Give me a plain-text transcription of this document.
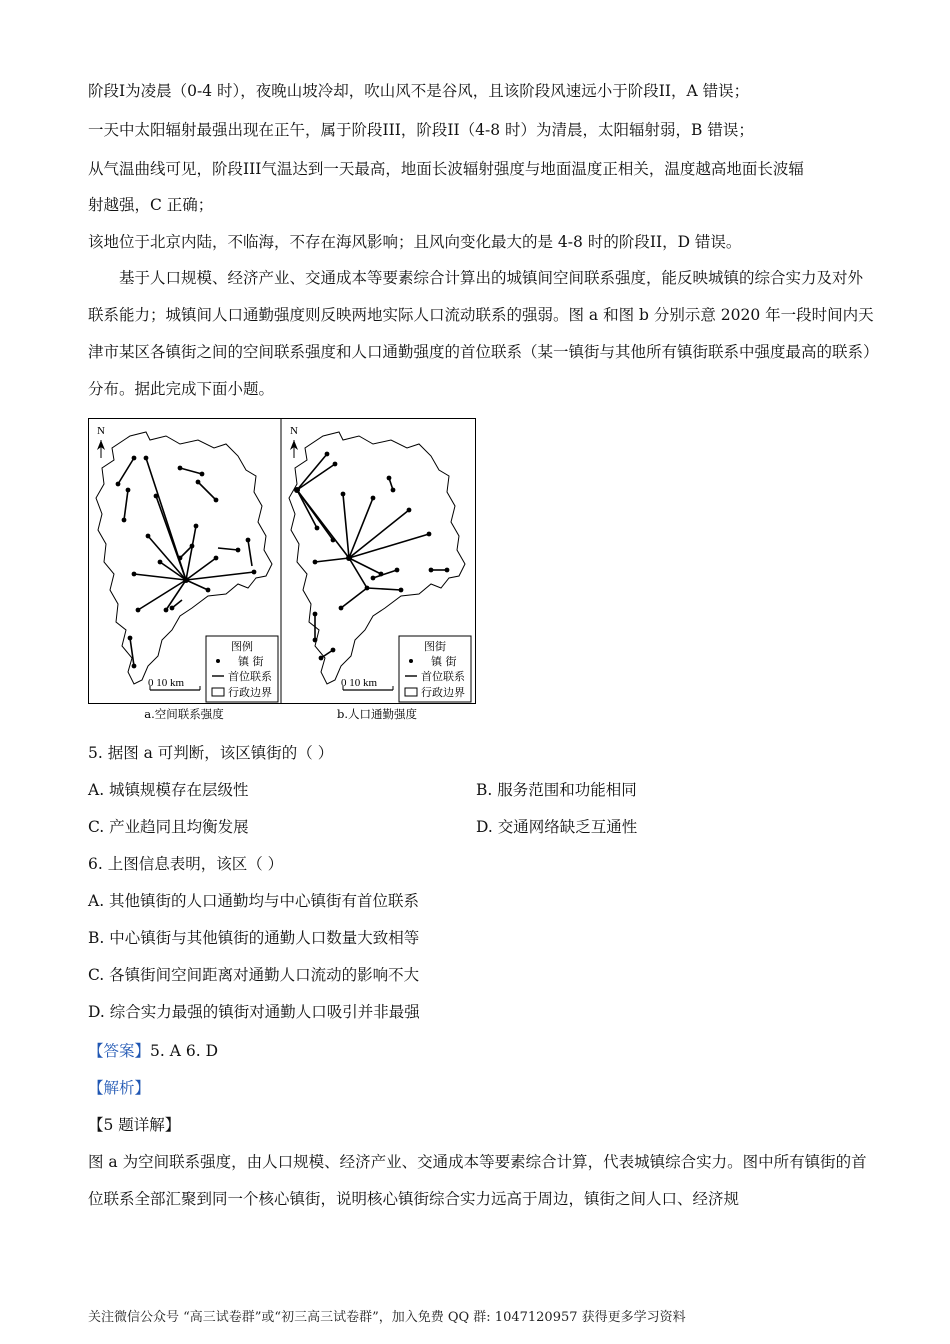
阶段I为凌晨（0-4 时），夜晚山坡冷却，吹山风不是谷风，且该阶段风速远小于阶段II，A 错误；
一天中太阳辐射最强出现在正午，属于阶段III，阶段II（4-8 时）为清晨，太阳辐射弱，B 错误；
从气温曲线可见，阶段III气温达到一天最高，地面长波辐射强度与地面温度正相关，温度越高地面长波辐
射越强，C 正确；
该地位于北京内陆，不临海，不存在海风影响；且风向变化最大的是 4-8 时的阶段II，D 错误。
基于人口规模、经济产业、交通成本等要素综合计算出的城镇间空间联系强度，能反映城镇的综合实力及对外联系能力；城镇间人口通勤强度则反映两地实际人口流动联系的强弱。图 a 和图 b 分别示意 2020 年一段时间内天津市某区各镇街之间的空间联系强度和人口通勤强度的首位联系（某一镇街与其他所有镇街联系中强度最高的联系）分布。据此完成下面小题。
N
0 10 km
图例
镇 街
首位联系
行政边界
a.空间联系强度
N
0 10 km
图街
镇 街
首位联系
行政边界
b.人口通勤强度
5. 据图 a 可判断，该区镇街的（ ）
A. 城镇规模存在层级性	B. 服务范围和功能相同
C. 产业趋同且均衡发展	D. 交通网络缺乏互通性
6. 上图信息表明，该区（ ）
A. 其他镇街的人口通勤均与中心镇街有首位联系
B. 中心镇街与其他镇街的通勤人口数量大致相等
C. 各镇街间空间距离对通勤人口流动的影响不大
D. 综合实力最强的镇街对通勤人口吸引并非最强
【答案】5. A 6. D
【解析】
【5 题详解】
图 a 为空间联系强度，由人口规模、经济产业、交通成本等要素综合计算，代表城镇综合实力。图中所有镇街的首位联系全部汇聚到同一个核心镇街，说明核心镇街综合实力远高于周边，镇街之间人口、经济规
关注微信公众号 “高三试卷群”或“初三高三试卷群”，加入免费 QQ 群: 1047120957 获得更多学习资料
